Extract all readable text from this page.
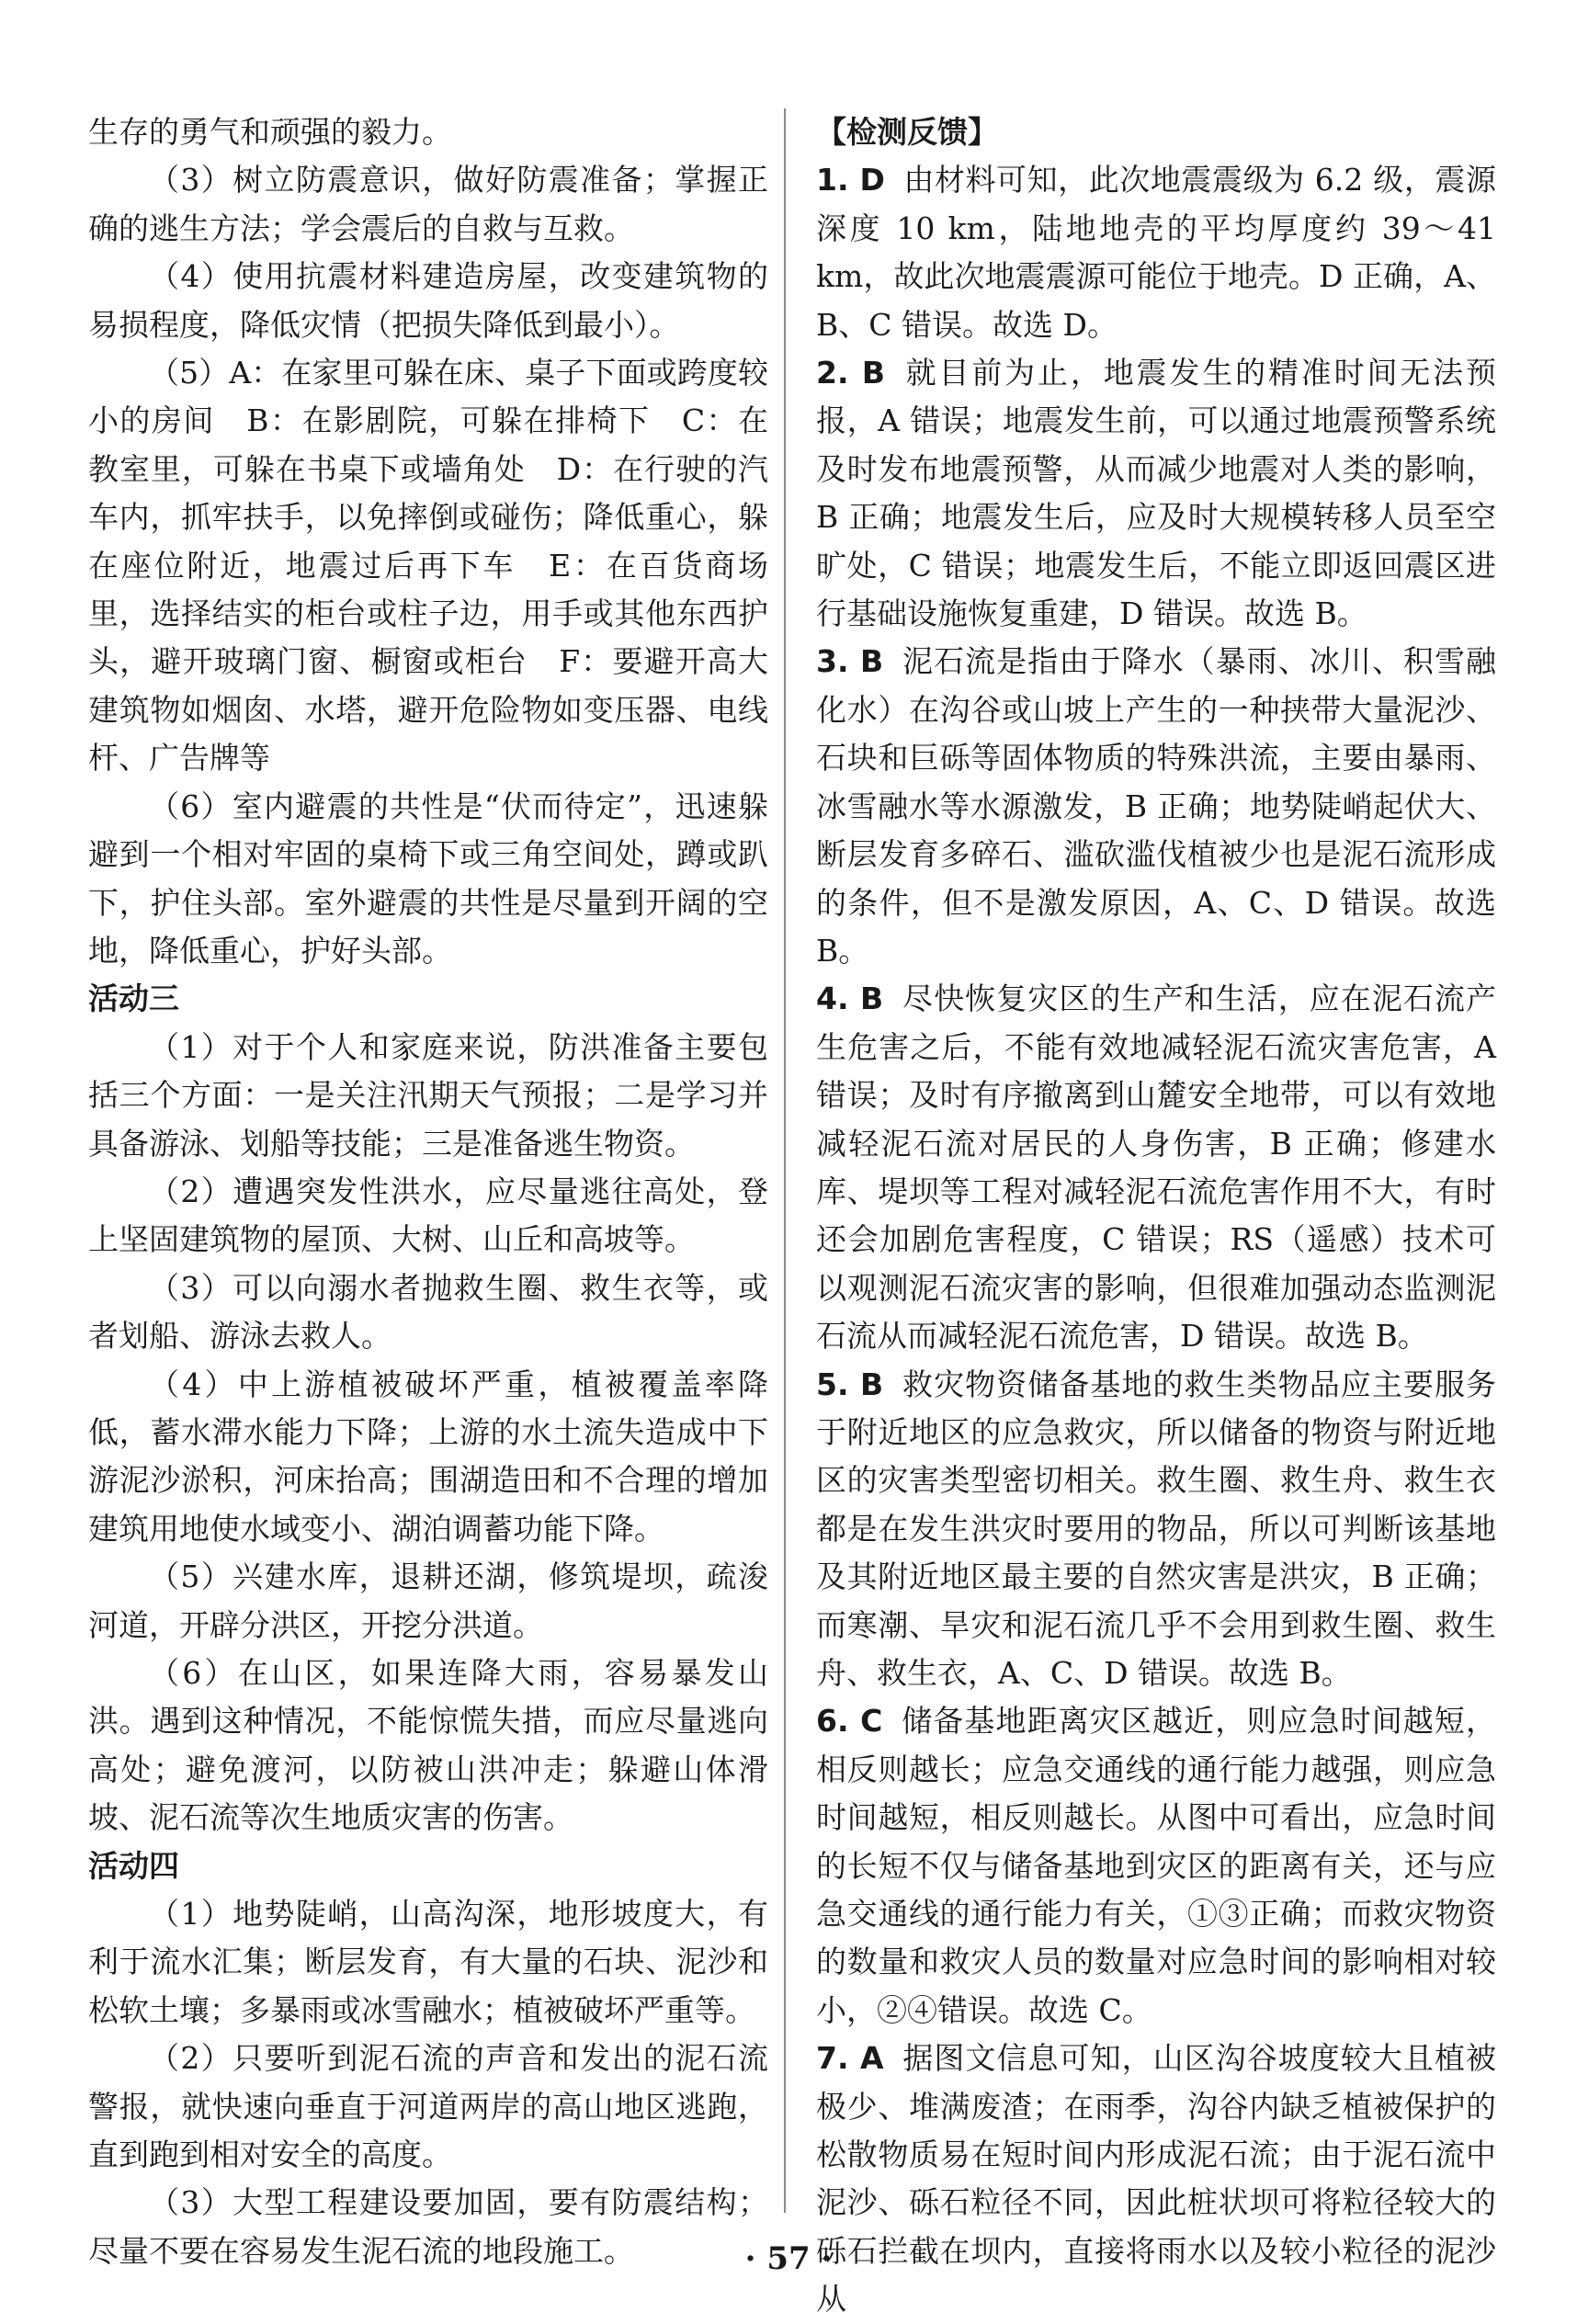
生存的勇气和顽强的毅力。

（3）树立防震意识，做好防震准备；掌握正确的逃生方法；学会震后的自救与互救。

（4）使用抗震材料建造房屋，改变建筑物的易损程度，降低灾情（把损失降低到最小）。

（5）A：在家里可躲在床、桌子下面或跨度较小的房间　B：在影剧院，可躲在排椅下　C：在教室里，可躲在书桌下或墙角处　D：在行驶的汽车内，抓牢扶手，以免摔倒或碰伤；降低重心，躲在座位附近，地震过后再下车　E：在百货商场里，选择结实的柜台或柱子边，用手或其他东西护头，避开玻璃门窗、橱窗或柜台　F：要避开高大建筑物如烟囱、水塔，避开危险物如变压器、电线杆、广告牌等

（6）室内避震的共性是“伏而待定”，迅速躲避到一个相对牢固的桌椅下或三角空间处，蹲或趴下，护住头部。室外避震的共性是尽量到开阔的空地，降低重心，护好头部。

活动三

（1）对于个人和家庭来说，防洪准备主要包括三个方面：一是关注汛期天气预报；二是学习并具备游泳、划船等技能；三是准备逃生物资。

（2）遭遇突发性洪水，应尽量逃往高处，登上坚固建筑物的屋顶、大树、山丘和高坡等。

（3）可以向溺水者抛救生圈、救生衣等，或者划船、游泳去救人。

（4）中上游植被破坏严重，植被覆盖率降低，蓄水滞水能力下降；上游的水土流失造成中下游泥沙淤积，河床抬高；围湖造田和不合理的增加建筑用地使水域变小、湖泊调蓄功能下降。

（5）兴建水库，退耕还湖，修筑堤坝，疏浚河道，开辟分洪区，开挖分洪道。

（6）在山区，如果连降大雨，容易暴发山洪。遇到这种情况，不能惊慌失措，而应尽量逃向高处；避免渡河，以防被山洪冲走；躲避山体滑坡、泥石流等次生地质灾害的伤害。

活动四

（1）地势陡峭，山高沟深，地形坡度大，有利于流水汇集；断层发育，有大量的石块、泥沙和松软土壤；多暴雨或冰雪融水；植被破坏严重等。

（2）只要听到泥石流的声音和发出的泥石流警报，就快速向垂直于河道两岸的高山地区逃跑，直到跑到相对安全的高度。

（3）大型工程建设要加固，要有防震结构；尽量不要在容易发生泥石流的地段施工。

【检测反馈】

1. D 由材料可知，此次地震震级为 6.2 级，震源深度 10 km，陆地地壳的平均厚度约 39～41 km，故此次地震震源可能位于地壳。D 正确，A、B、C 错误。故选 D。

2. B 就目前为止，地震发生的精准时间无法预报，A 错误；地震发生前，可以通过地震预警系统及时发布地震预警，从而减少地震对人类的影响，B 正确；地震发生后，应及时大规模转移人员至空旷处，C 错误；地震发生后，不能立即返回震区进行基础设施恢复重建，D 错误。故选 B。

3. B 泥石流是指由于降水（暴雨、冰川、积雪融化水）在沟谷或山坡上产生的一种挟带大量泥沙、石块和巨砾等固体物质的特殊洪流，主要由暴雨、冰雪融水等水源激发，B 正确；地势陡峭起伏大、断层发育多碎石、滥砍滥伐植被少也是泥石流形成的条件，但不是激发原因，A、C、D 错误。故选 B。

4. B 尽快恢复灾区的生产和生活，应在泥石流产生危害之后，不能有效地减轻泥石流灾害危害，A 错误；及时有序撤离到山麓安全地带，可以有效地减轻泥石流对居民的人身伤害，B 正确；修建水库、堤坝等工程对减轻泥石流危害作用不大，有时还会加剧危害程度，C 错误；RS（遥感）技术可以观测泥石流灾害的影响，但很难加强动态监测泥石流从而减轻泥石流危害，D 错误。故选 B。

5. B 救灾物资储备基地的救生类物品应主要服务于附近地区的应急救灾，所以储备的物资与附近地区的灾害类型密切相关。救生圈、救生舟、救生衣都是在发生洪灾时要用的物品，所以可判断该基地及其附近地区最主要的自然灾害是洪灾，B 正确；而寒潮、旱灾和泥石流几乎不会用到救生圈、救生舟、救生衣，A、C、D 错误。故选 B。

6. C 储备基地距离灾区越近，则应急时间越短，相反则越长；应急交通线的通行能力越强，则应急时间越短，相反则越长。从图中可看出，应急时间的长短不仅与储备基地到灾区的距离有关，还与应急交通线的通行能力有关，①③正确；而救灾物资的数量和救灾人员的数量对应急时间的影响相对较小，②④错误。故选 C。

7. A 据图文信息可知，山区沟谷坡度较大且植被极少、堆满废渣；在雨季，沟谷内缺乏植被保护的松散物质易在短时间内形成泥石流；由于泥石流中泥沙、砾石粒径不同，因此桩状坝可将粒径较大的砾石拦截在坝内，直接将雨水以及较小粒径的泥沙从

· 57 ·
